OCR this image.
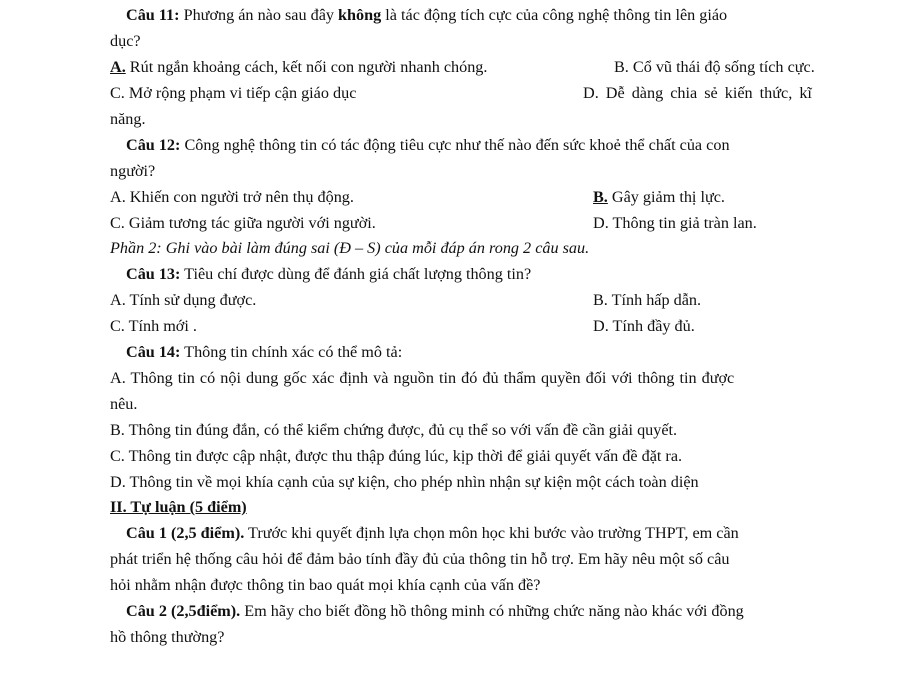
Câu 11: Phương án nào sau đây không là tác động tích cực của công nghệ thông tin lên giáo
dục?
A. Rút ngắn khoảng cách, kết nối con người nhanh chóng.	B. Cổ vũ thái độ sống tích cực.
C. Mở rộng phạm vi tiếp cận giáo dục	D. Dễ dàng chia sẻ kiến thức, kĩ
năng.
Câu 12: Công nghệ thông tin có tác động tiêu cực như thế nào đến sức khoẻ thể chất của con
người?
A. Khiến con người trở nên thụ động.	B. Gây giảm thị lực.
C. Giảm tương tác giữa người với người.	D. Thông tin giả tràn lan.
Phần 2: Ghi vào bài làm đúng sai (Đ – S) của mỗi đáp án rong 2 câu sau.
Câu 13: Tiêu chí được dùng để đánh giá chất lượng thông tin?
A. Tính sử dụng được.	B. Tính hấp dẫn.
C. Tính mới .	D. Tính đầy đủ.
Câu 14: Thông tin chính xác có thể mô tả:
A. Thông tin có nội dung gốc xác định và nguồn tin đó đủ thẩm quyền đối với thông tin được
nêu.
B. Thông tin đúng đắn, có thể kiểm chứng được, đủ cụ thể so với vấn đề cần giải quyết.
C. Thông tin được cập nhật, được thu thập đúng lúc, kịp thời để giải quyết vấn đề đặt ra.
D. Thông tin về mọi khía cạnh của sự kiện, cho phép nhìn nhận sự kiện một cách toàn diện
II. Tự luận (5 điểm)
Câu 1 (2,5 điểm). Trước khi quyết định lựa chọn môn học khi bước vào trường THPT, em cần
phát triển hệ thống câu hỏi để đảm bảo tính đầy đủ của thông tin hỗ trợ. Em hãy nêu một số câu
hỏi nhằm nhận được thông tin bao quát mọi khía cạnh của vấn đề?
Câu 2 (2,5điểm). Em hãy cho biết đồng hồ thông minh có những chức năng nào khác với đồng
hồ thông thường?
